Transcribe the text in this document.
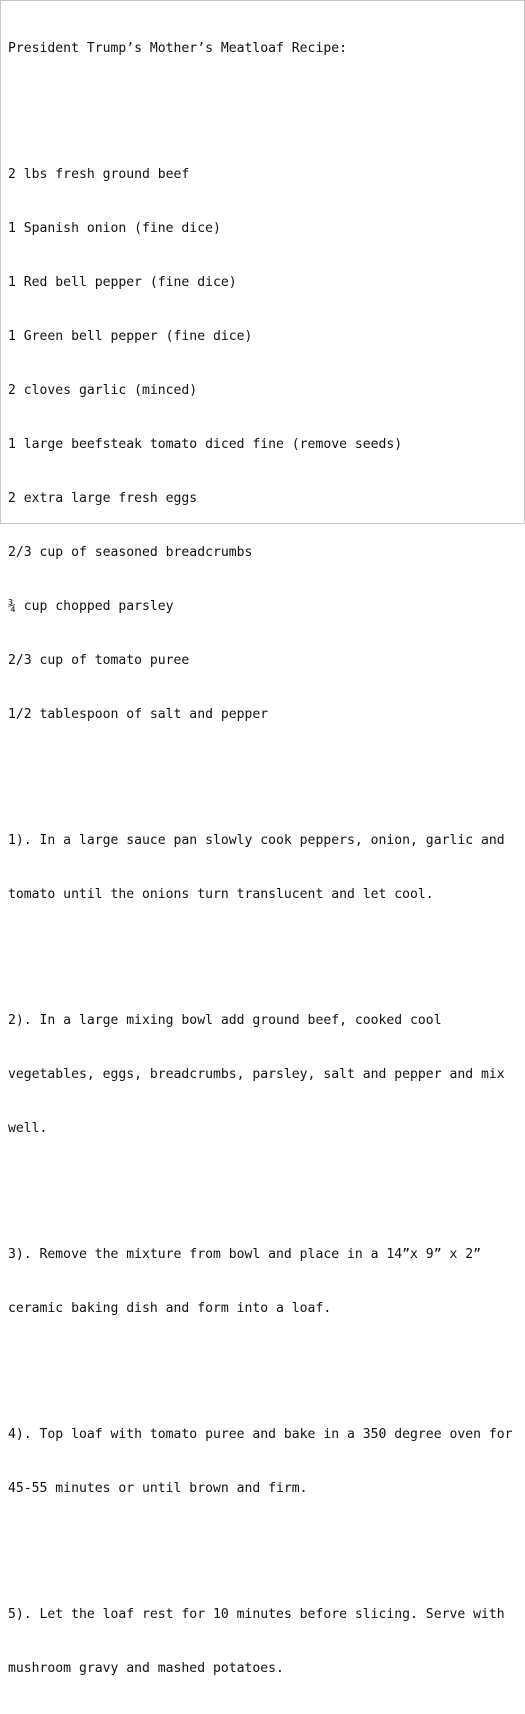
President Trump’s Mother’s Meatloaf Recipe:

2 lbs fresh ground beef

1 Spanish onion (fine dice)

1 Red bell pepper (fine dice)

1 Green bell pepper (fine dice)

2 cloves garlic (minced)

1 large beefsteak tomato diced fine (remove seeds)

2 extra large fresh eggs

2/3 cup of seasoned breadcrumbs

¾ cup chopped parsley

2/3 cup of tomato puree

1/2 tablespoon of salt and pepper

1). In a large sauce pan slowly cook peppers, onion, garlic and

tomato until the onions turn translucent and let cool.

2). In a large mixing bowl add ground beef, cooked cool

vegetables, eggs, breadcrumbs, parsley, salt and pepper and mix

well.

3). Remove the mixture from bowl and place in a 14”x 9” x 2”

ceramic baking dish and form into a loaf.

4). Top loaf with tomato puree and bake in a 350 degree oven for

45-55 minutes or until brown and firm.

5). Let the loaf rest for 10 minutes before slicing. Serve with

mushroom gravy and mashed potatoes.
